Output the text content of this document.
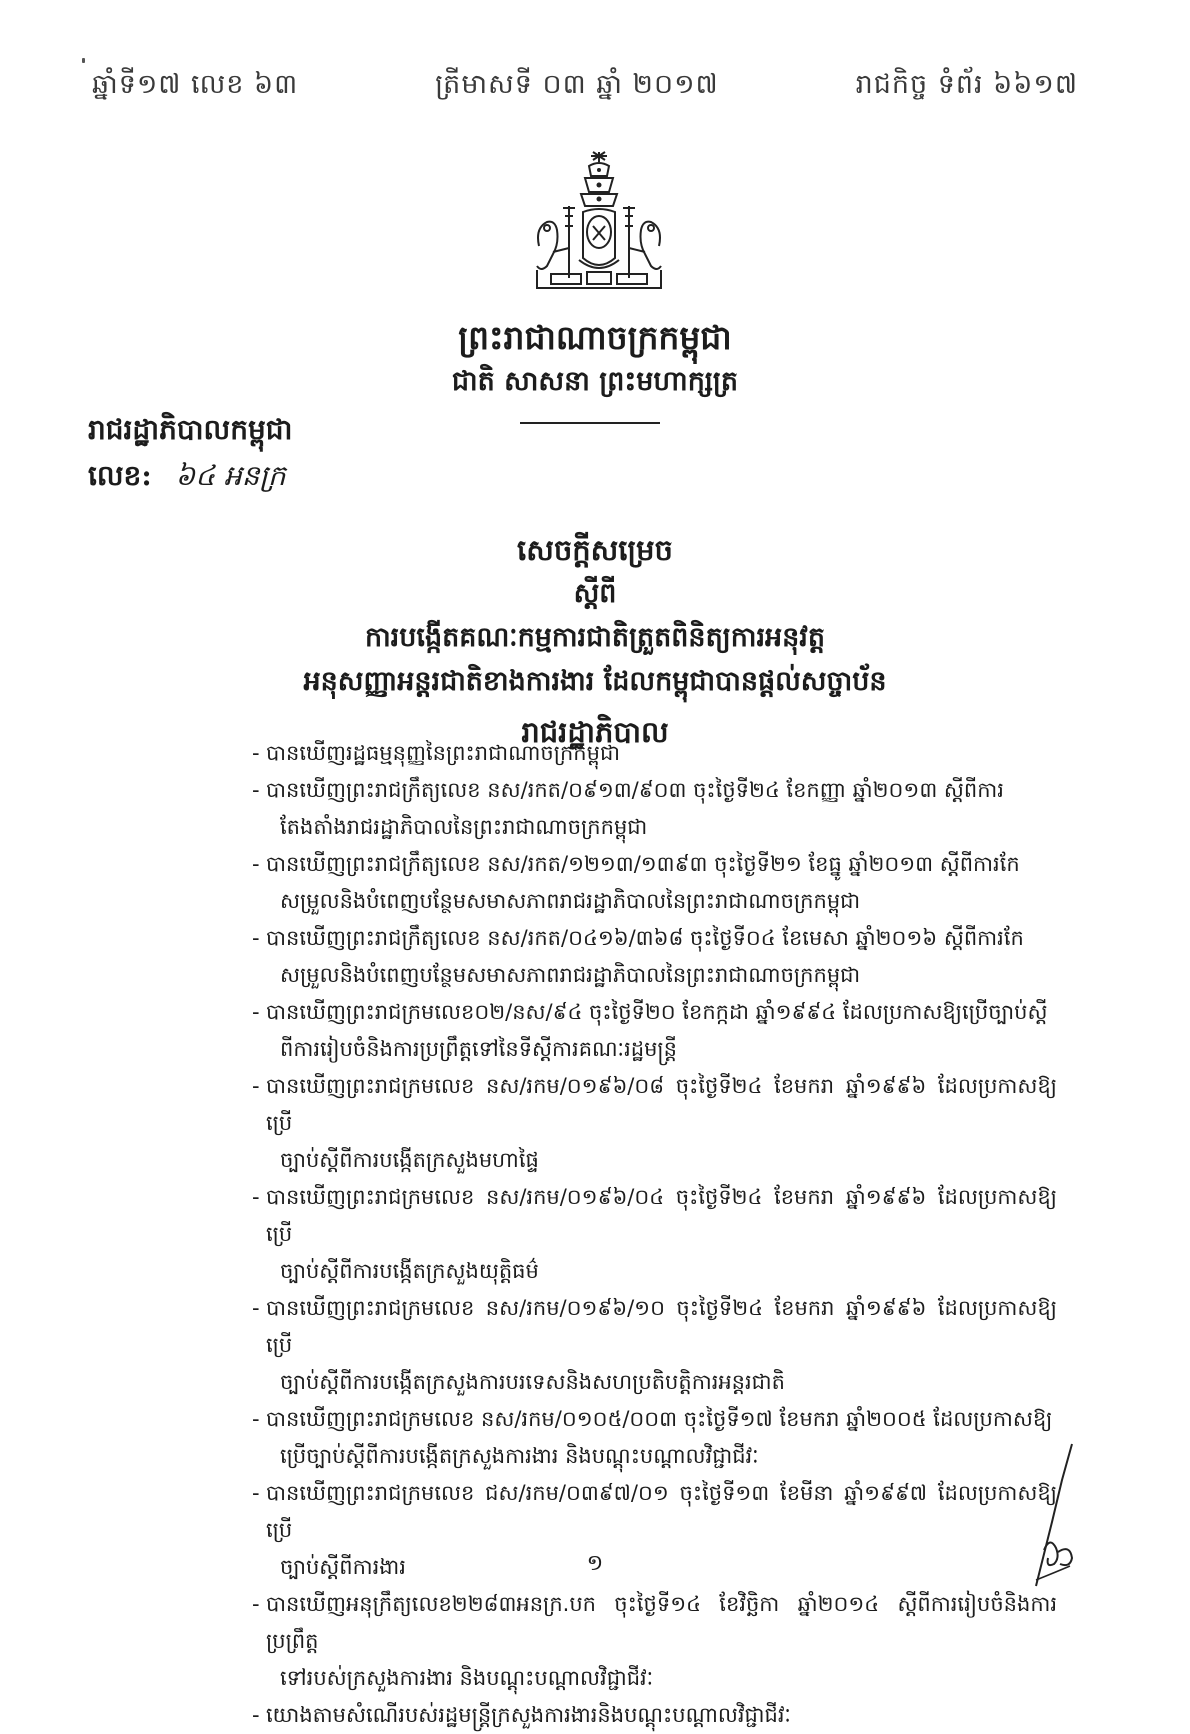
ឆ្នាំទី១៧ លេខ ៦៣	ត្រីមាសទី ០៣ ឆ្នាំ ២០១៧	រាជកិច្ច ទំព័រ ៦៦១៧
ព្រះរាជាណាចក្រកម្ពុជា
ជាតិ សាសនា ព្រះមហាក្សត្រ
រាជរដ្ឋាភិបាលកម្ពុជា
លេខ: ៦៤ អនក្រ
សេចក្ដីសម្រេច
ស្ដីពី
ការបង្កើតគណៈកម្មការជាតិត្រួតពិនិត្យការអនុវត្ត
អនុសញ្ញាអន្តរជាតិខាងការងារ ដែលកម្ពុជាបានផ្ដល់សច្ចាប័ន
រាជរដ្ឋាភិបាល
- បានឃើញរដ្ឋធម្មនុញ្ញនៃព្រះរាជាណាចក្រកម្ពុជា
- បានឃើញព្រះរាជក្រឹត្យលេខ នស/រកត/០៩១៣/៩០៣ ចុះថ្ងៃទី២៤ ខែកញ្ញា ឆ្នាំ២០១៣ ស្ដីពីការ
តែងតាំងរាជរដ្ឋាភិបាលនៃព្រះរាជាណាចក្រកម្ពុជា
- បានឃើញព្រះរាជក្រឹត្យលេខ នស/រកត/១២១៣/១៣៩៣ ចុះថ្ងៃទី២១ ខែធ្នូ ឆ្នាំ២០១៣ ស្ដីពីការកែ
សម្រួលនិងបំពេញបន្ថែមសមាសភាពរាជរដ្ឋាភិបាលនៃព្រះរាជាណាចក្រកម្ពុជា
- បានឃើញព្រះរាជក្រឹត្យលេខ នស/រកត/០៤១៦/៣៦៨ ចុះថ្ងៃទី០៤ ខែមេសា ឆ្នាំ២០១៦ ស្ដីពីការកែ
សម្រួលនិងបំពេញបន្ថែមសមាសភាពរាជរដ្ឋាភិបាលនៃព្រះរាជាណាចក្រកម្ពុជា
- បានឃើញព្រះរាជក្រមលេខ០២/នស/៩៤ ចុះថ្ងៃទី២០ ខែកក្កដា ឆ្នាំ១៩៩៤ ដែលប្រកាសឱ្យប្រើច្បាប់ស្ដី
ពីការរៀបចំនិងការប្រព្រឹត្តទៅនៃទីស្ដីការគណៈរដ្ឋមន្ត្រី
- បានឃើញព្រះរាជក្រមលេខ នស/រកម/០១៩៦/០៨ ចុះថ្ងៃទី២៤ ខែមករា ឆ្នាំ១៩៩៦ ដែលប្រកាសឱ្យប្រើ
ច្បាប់ស្ដីពីការបង្កើតក្រសួងមហាផ្ទៃ
- បានឃើញព្រះរាជក្រមលេខ នស/រកម/០១៩៦/០៤ ចុះថ្ងៃទី២៤ ខែមករា ឆ្នាំ១៩៩៦ ដែលប្រកាសឱ្យប្រើ
ច្បាប់ស្ដីពីការបង្កើតក្រសួងយុត្តិធម៌
- បានឃើញព្រះរាជក្រមលេខ នស/រកម/០១៩៦/១០ ចុះថ្ងៃទី២៤ ខែមករា ឆ្នាំ១៩៩៦ ដែលប្រកាសឱ្យប្រើ
ច្បាប់ស្ដីពីការបង្កើតក្រសួងការបរទេសនិងសហប្រតិបត្តិការអន្តរជាតិ
- បានឃើញព្រះរាជក្រមលេខ នស/រកម/០១០៥/០០៣ ចុះថ្ងៃទី១៧ ខែមករា ឆ្នាំ២០០៥ ដែលប្រកាសឱ្យ
ប្រើច្បាប់ស្ដីពីការបង្កើតក្រសួងការងារ និងបណ្ដុះបណ្ដាលវិជ្ជាជីវៈ
- បានឃើញព្រះរាជក្រមលេខ ជស/រកម/០៣៩៧/០១ ចុះថ្ងៃទី១៣ ខែមីនា ឆ្នាំ១៩៩៧ ដែលប្រកាសឱ្យប្រើ
ច្បាប់ស្ដីពីការងារ
- បានឃើញអនុក្រឹត្យលេខ២២៨៣អនក្រ.បក ចុះថ្ងៃទី១៤ ខែវិច្ឆិកា ឆ្នាំ២០១៤ ស្ដីពីការរៀបចំនិងការប្រព្រឹត្ត
ទៅរបស់ក្រសួងការងារ និងបណ្ដុះបណ្ដាលវិជ្ជាជីវៈ
- យោងតាមសំណើរបស់រដ្ឋមន្ត្រីក្រសួងការងារនិងបណ្ដុះបណ្ដាលវិជ្ជាជីវៈ
១
